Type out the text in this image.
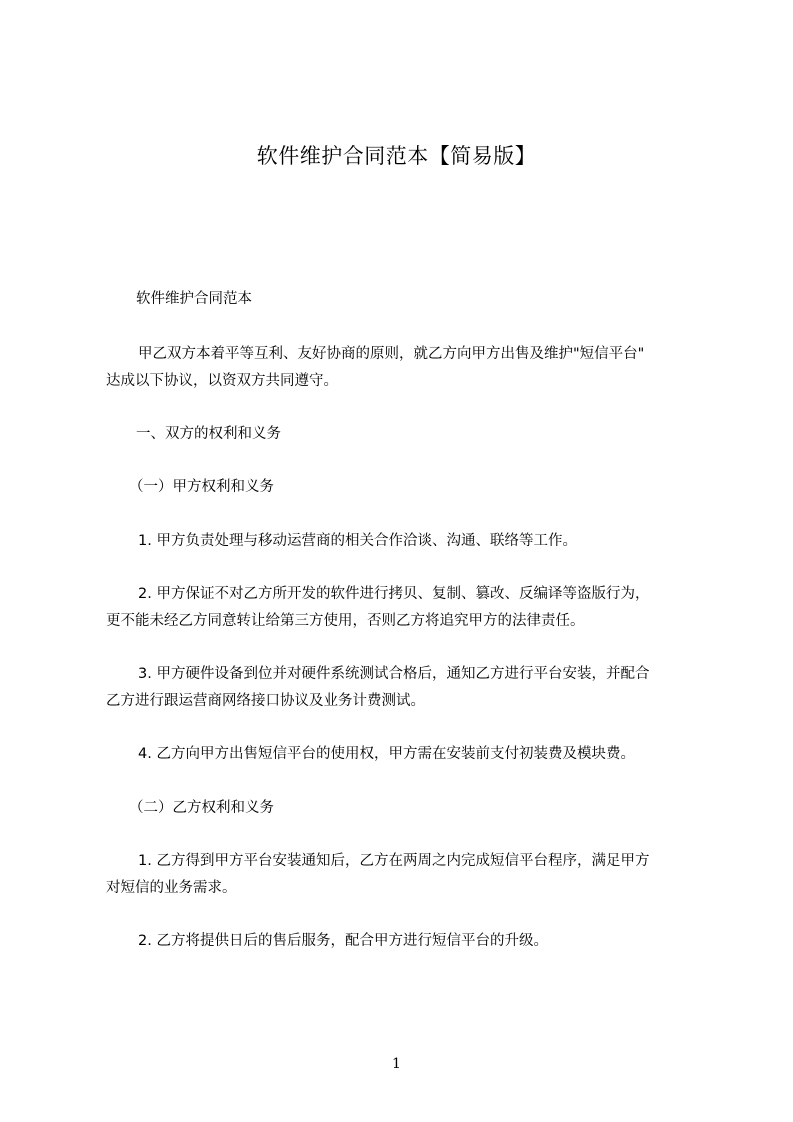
软件维护合同范本【简易版】
软件维护合同范本
甲乙双方本着平等互利、友好协商的原则，就乙方向甲方出售及维护"短信平台"
达成以下协议，以资双方共同遵守。
一、双方的权利和义务
（一）甲方权利和义务
1. 甲方负责处理与移动运营商的相关合作洽谈、沟通、联络等工作。
2. 甲方保证不对乙方所开发的软件进行拷贝、复制、篡改、反编译等盗版行为，
更不能未经乙方同意转让给第三方使用，否则乙方将追究甲方的法律责任。
3. 甲方硬件设备到位并对硬件系统测试合格后，通知乙方进行平台安装，并配合
乙方进行跟运营商网络接口协议及业务计费测试。
4. 乙方向甲方出售短信平台的使用权，甲方需在安装前支付初装费及模块费。
（二）乙方权利和义务
1. 乙方得到甲方平台安装通知后，乙方在两周之内完成短信平台程序，满足甲方
对短信的业务需求。
2. 乙方将提供日后的售后服务，配合甲方进行短信平台的升级。
1
